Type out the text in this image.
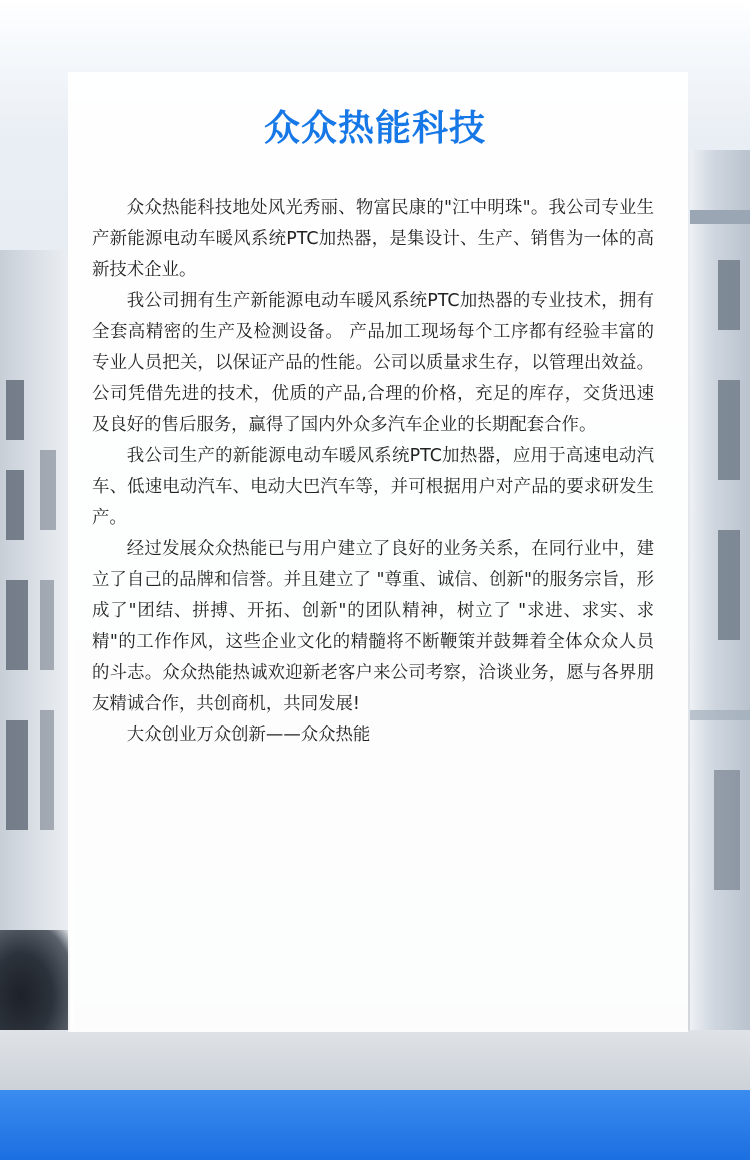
众众热能科技

众众热能科技地处风光秀丽、物富民康的"江中明珠"。我公司专业生产新能源电动车暖风系统PTC加热器，是集设计、生产、销售为一体的高新技术企业。

我公司拥有生产新能源电动车暖风系统PTC加热器的专业技术，拥有全套高精密的生产及检测设备。 产品加工现场每个工序都有经验丰富的专业人员把关，以保证产品的性能。公司以质量求生存，以管理出效益。公司凭借先进的技术，优质的产品,合理的价格，充足的库存，交货迅速及良好的售后服务，赢得了国内外众多汽车企业的长期配套合作。

我公司生产的新能源电动车暖风系统PTC加热器，应用于高速电动汽车、低速电动汽车、电动大巴汽车等，并可根据用户对产品的要求研发生产。

经过发展众众热能已与用户建立了良好的业务关系，在同行业中，建立了自己的品牌和信誉。并且建立了 "尊重、诚信、创新"的服务宗旨，形成了"团结、拼搏、开拓、创新"的团队精神，树立了 "求进、求实、求精"的工作作风，这些企业文化的精髓将不断鞭策并鼓舞着全体众众人员的斗志。众众热能热诚欢迎新老客户来公司考察，洽谈业务，愿与各界朋友精诚合作，共创商机，共同发展!

大众创业万众创新——众众热能
